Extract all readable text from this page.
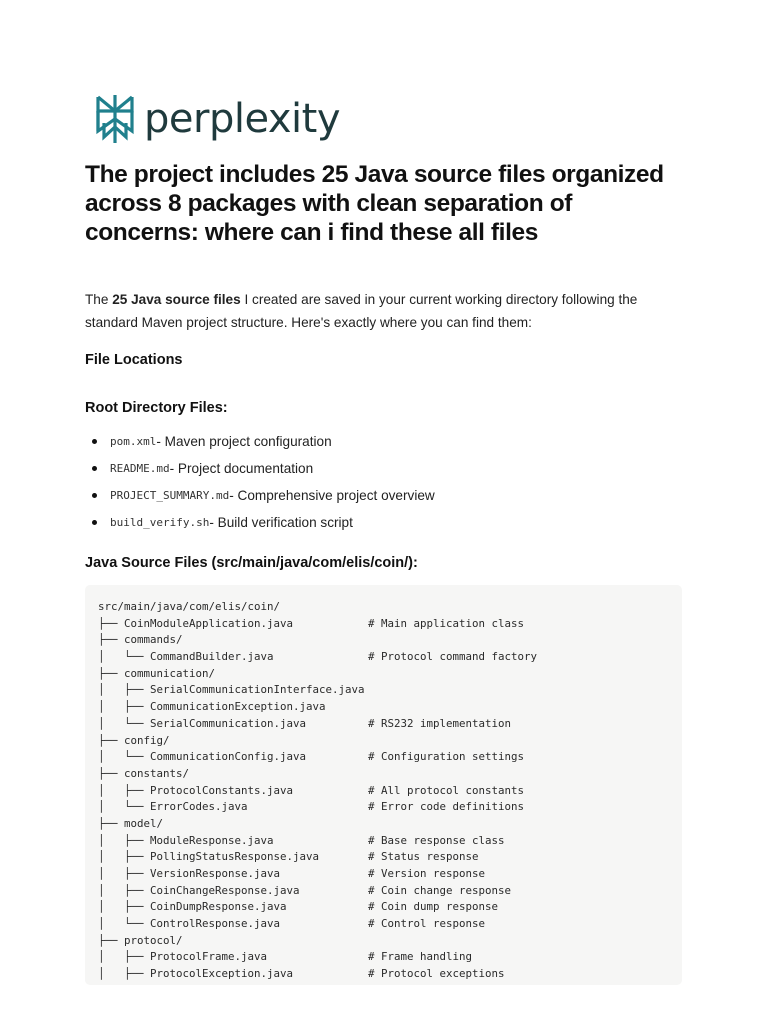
perplexity
The project includes 25 Java source files organized across 8 packages with clean separation of concerns: where can i find these all files

The 25 Java source files I created are saved in your current working directory following the standard Maven project structure. Here's exactly where you can find them:

File Locations
Root Directory Files:
pom.xml - Maven project configuration
README.md - Project documentation
PROJECT_SUMMARY.md - Comprehensive project overview
build_verify.sh - Build verification script
Java Source Files (src/main/java/com/elis/coin/):
src/main/java/com/elis/coin/
├── CoinModuleApplication.java	# Main application class
├── commands/
│   └── CommandBuilder.java	# Protocol command factory
├── communication/
│   ├── SerialCommunicationInterface.java
│   ├── CommunicationException.java
│   └── SerialCommunication.java	# RS232 implementation
├── config/
│   └── CommunicationConfig.java	# Configuration settings
├── constants/
│   ├── ProtocolConstants.java	# All protocol constants
│   └── ErrorCodes.java	# Error code definitions
├── model/
│   ├── ModuleResponse.java	# Base response class
│   ├── PollingStatusResponse.java	# Status response
│   ├── VersionResponse.java	# Version response
│   ├── CoinChangeResponse.java	# Coin change response
│   ├── CoinDumpResponse.java	# Coin dump response
│   └── ControlResponse.java	# Control response
├── protocol/
│   ├── ProtocolFrame.java	# Frame handling
│   ├── ProtocolException.java	# Protocol exceptions
